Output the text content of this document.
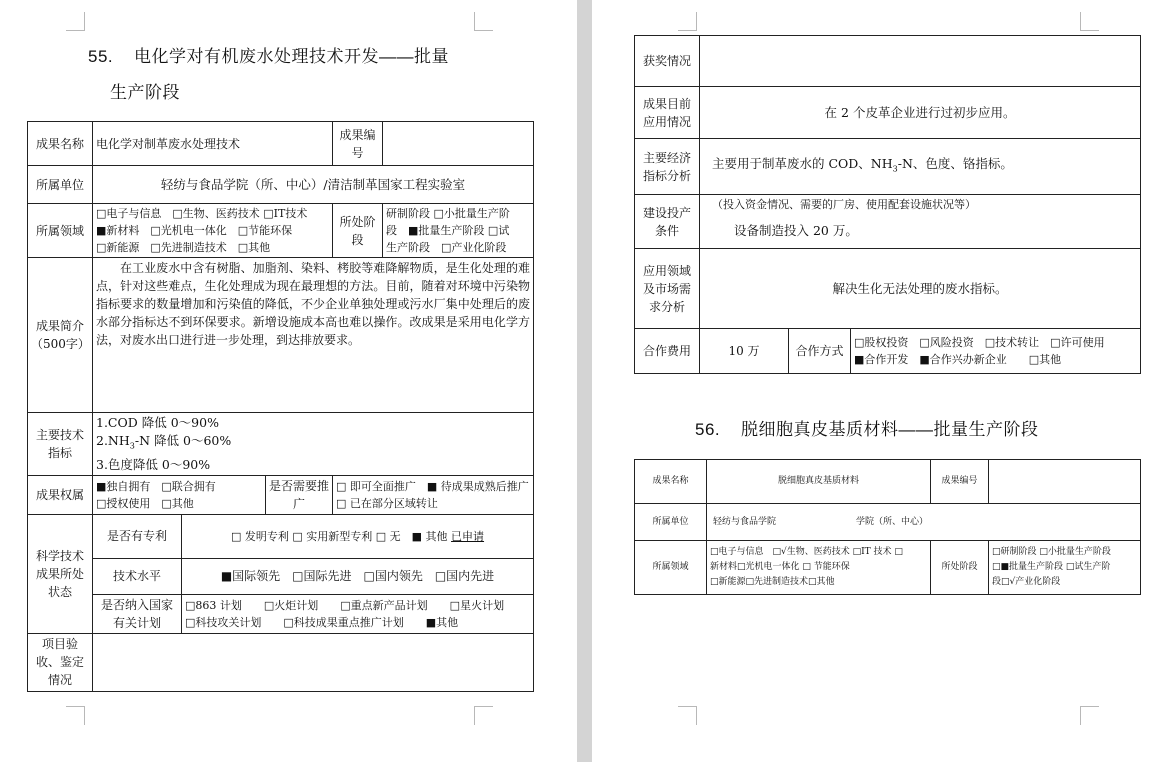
55. 电化学对有机废水处理技术开发——批量
生产阶段
成果名称	电化学对制革废水处理技术			成果编号	
所属单位	轻纺与食品学院（所、中心）/清洁制革国家工程实验室				
所属领域	□电子与信息　□生物、医药技术 □IT技术
■新材料　□光机电一体化　□节能环保
□新能源　□先进制造技术　□其他			所处阶段	研制阶段 □小批量生产阶
段　■批量生产阶段 □试
生产阶段　□产业化阶段

成果简介（500字）	在工业废水中含有树脂、加脂剂、染料、栲胶等难降解物质，是生化处理的难点，针对这些难点，生化处理成为现在最理想的方法。目前，随着对环境中污染物指标要求的数量增加和污染值的降低，不少企业单独处理或污水厂集中处理后的废水部分指标达不到环保要求。新增设施成本高也难以操作。改成果是采用电化学方法，对废水出口进行进一步处理，到达排放要求。				
主要技术指标	1.COD 降低 0～90%
$2.NH_3-N$ 降低 0～60%
3.色度降低 0～90%				

成果权属	■独自拥有　□联合拥有
□授权使用　□其他		是否需要推广	□ 即可全面推广　■ 待成果成熟后推广
□ 已在部分区域转让	

科学技术成果所处状态	是否有专利	□ 发明专利 □ 实用新型专利 □ 无　■ 其他 已申请			
	技术水平	■国际领先　□国际先进　□国内领先　□国内先进			
	是否纳入国家有关计划	□863 计划　　□火炬计划　　□重点新产品计划　　□星火计划
□科技攻关计划　　□科技成果重点推广计划　　■其他			

项目验收、鉴定情况					
获奖情况			
成果目前应用情况	在 2 个皮革企业进行过初步应用。		
主要经济指标分析	主要用于制革废水的 COD、$NH_3-N$、色度、铬指标。		
建设投产条件	（投入资金情况、需要的厂房、使用配套设施状况等）
设备制造投入 20 万。		

应用领域及市场需求分析	解决生化无法处理的废水指标。		
合作费用	10 万	合作方式	□股权投资　□风险投资　□技术转让　□许可使用
■合作开发　■合作兴办新企业　　□其他
56. 脱细胞真皮基质材料——批量生产阶段
成果名称	脱细胞真皮基质材料	成果编号	
所属单位	轻纺与食品学院 学院（所、中心）		
所属领域	□电子与信息　□√生物、医药技术 □IT 技术 □
新材料□光机电一体化 □ 节能环保
□新能源□先进制造技术□其他	所处阶段	□研制阶段 □小批量生产阶段
□■批量生产阶段 □试生产阶
段□√产业化阶段
